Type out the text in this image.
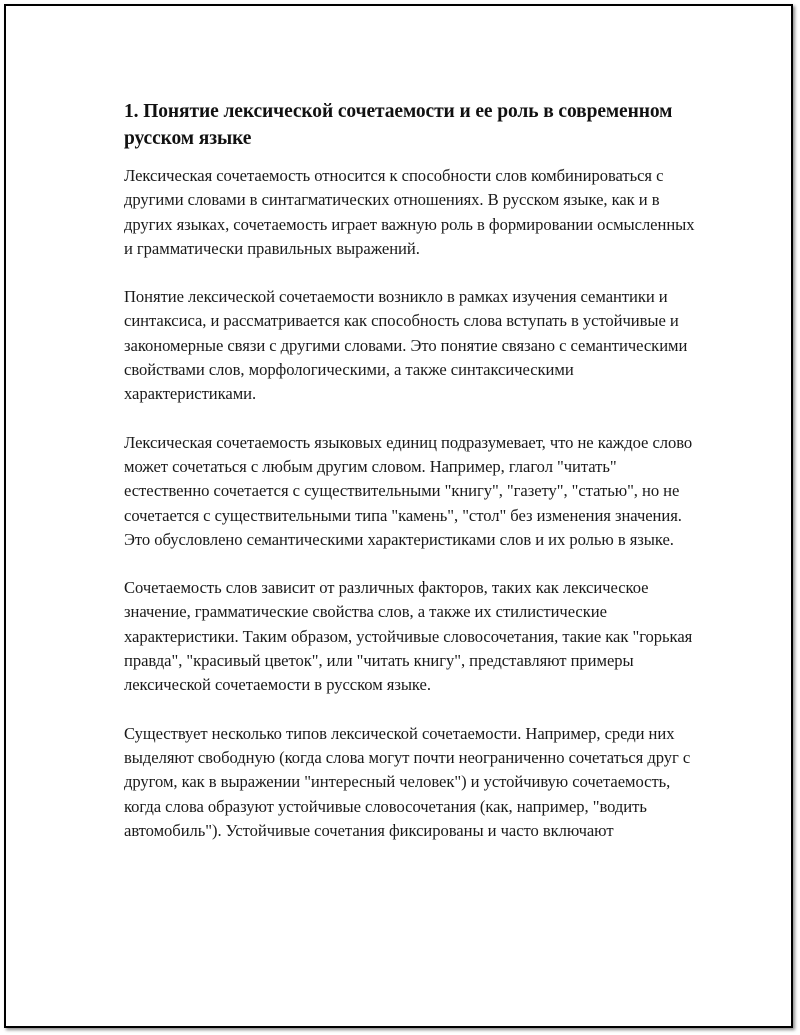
1. Понятие лексической сочетаемости и ее роль в современном русском языке

Лексическая сочетаемость относится к способности слов комбинироваться с другими словами в синтагматических отношениях. В русском языке, как и в других языках, сочетаемость играет важную роль в формировании осмысленных и грамматически правильных выражений.

Понятие лексической сочетаемости возникло в рамках изучения семантики и синтаксиса, и рассматривается как способность слова вступать в устойчивые и закономерные связи с другими словами. Это понятие связано с семантическими свойствами слов, морфологическими, а также синтаксическими характеристиками.

Лексическая сочетаемость языковых единиц подразумевает, что не каждое слово может сочетаться с любым другим словом. Например, глагол "читать" естественно сочетается с существительными "книгу", "газету", "статью", но не сочетается с существительными типа "камень", "стол" без изменения значения. Это обусловлено семантическими характеристиками слов и их ролью в языке.

Сочетаемость слов зависит от различных факторов, таких как лексическое значение, грамматические свойства слов, а также их стилистические характеристики. Таким образом, устойчивые словосочетания, такие как "горькая правда", "красивый цветок", или "читать книгу", представляют примеры лексической сочетаемости в русском языке.

Существует несколько типов лексической сочетаемости. Например, среди них выделяют свободную (когда слова могут почти неограниченно сочетаться друг с другом, как в выражении "интересный человек") и устойчивую сочетаемость, когда слова образуют устойчивые словосочетания (как, например, "водить автомобиль"). Устойчивые сочетания фиксированы и часто включают
